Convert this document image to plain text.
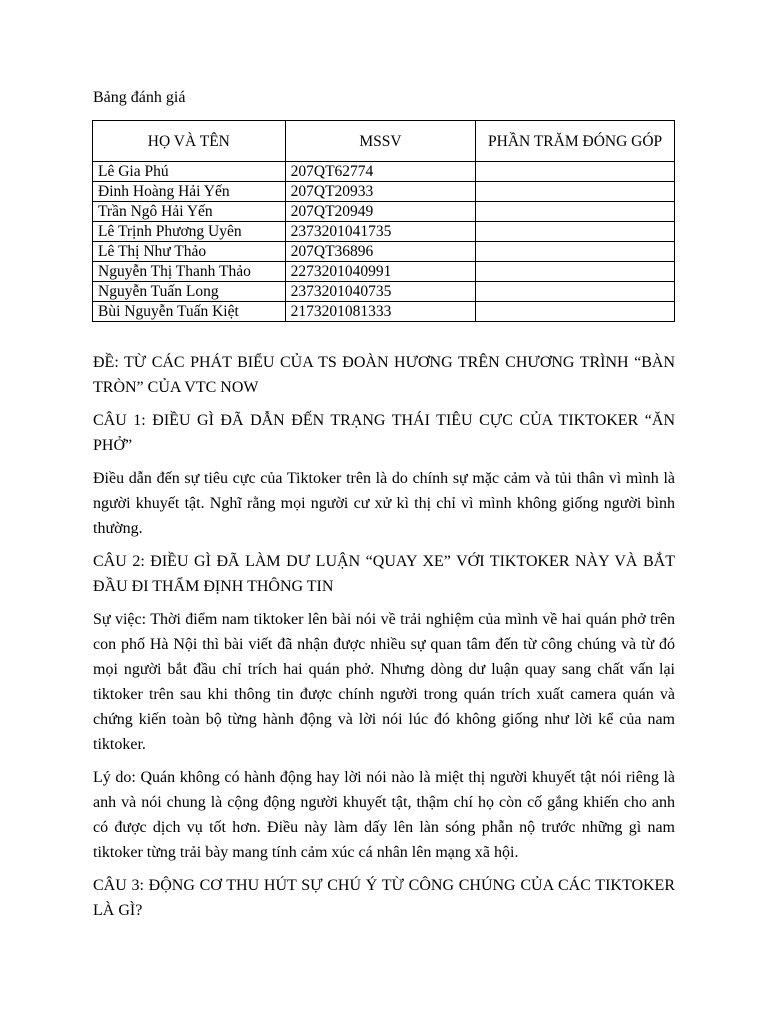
Bảng đánh giá
HỌ VÀ TÊN	MSSV	PHẦN TRĂM ĐÓNG GÓP
Lê Gia Phú	207QT62774	
Đinh Hoàng Hải Yến	207QT20933	
Trần Ngô Hải Yến	207QT20949	
Lê Trịnh Phương Uyên	2373201041735	
Lê Thị Như Thảo	207QT36896	
Nguyễn Thị Thanh Thảo	2273201040991	
Nguyễn Tuấn Long	2373201040735	
Bùi Nguyễn Tuấn Kiệt	2173201081333	

ĐỀ: TỪ CÁC PHÁT BIỂU CỦA TS ĐOÀN HƯƠNG TRÊN CHƯƠNG TRÌNH “BÀN TRÒN” CỦA VTC NOW

CÂU 1: ĐIỀU GÌ ĐÃ DẪN ĐẾN TRẠNG THÁI TIÊU CỰC CỦA TIKTOKER “ĂN PHỞ”

Điều dẫn đến sự tiêu cực của Tiktoker trên là do chính sự mặc cảm và tủi thân vì mình là người khuyết tật. Nghĩ rằng mọi người cư xử kì thị chỉ vì mình không giống người bình thường.

CÂU 2: ĐIỀU GÌ ĐÃ LÀM DƯ LUẬN “QUAY XE” VỚI TIKTOKER NÀY VÀ BẮT ĐẦU ĐI THẨM ĐỊNH THÔNG TIN

Sự việc: Thời điểm nam tiktoker lên bài nói về trải nghiệm của mình về hai quán phở trên con phố Hà Nội thì bài viết đã nhận được nhiều sự quan tâm đến từ công chúng và từ đó mọi người bắt đầu chỉ trích hai quán phở. Nhưng dòng dư luận quay sang chất vấn lại tiktoker trên sau khi thông tin được chính người trong quán trích xuất camera quán và chứng kiến toàn bộ từng hành động và lời nói lúc đó không giống như lời kể của nam tiktoker.

Lý do: Quán không có hành động hay lời nói nào là miệt thị người khuyết tật nói riêng là anh và nói chung là cộng động người khuyết tật, thậm chí họ còn cố gắng khiến cho anh có được dịch vụ tốt hơn. Điều này làm dấy lên làn sóng phẫn nộ trước những gì nam tiktoker từng trải bày mang tính cảm xúc cá nhân lên mạng xã hội.

CÂU 3: ĐỘNG CƠ THU HÚT SỰ CHÚ Ý TỪ CÔNG CHÚNG CỦA CÁC TIKTOKER LÀ GÌ?
